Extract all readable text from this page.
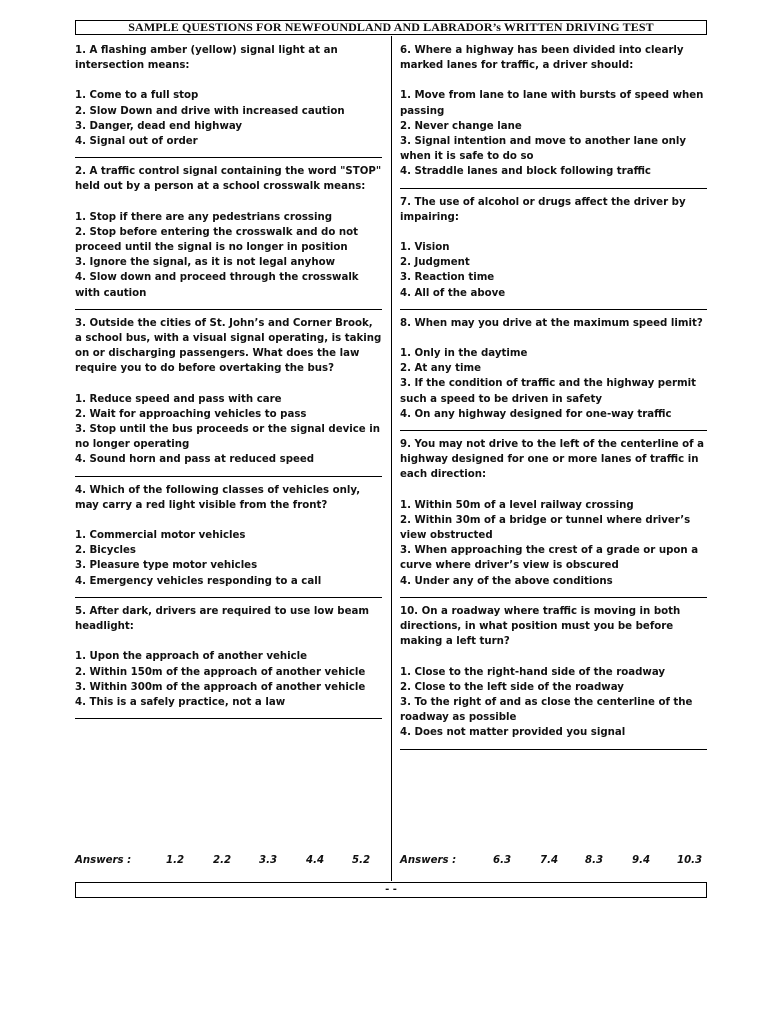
SAMPLE QUESTIONS FOR NEWFOUNDLAND AND LABRADOR’s WRITTEN DRIVING TEST

1. A flashing amber (yellow) signal light at an intersection means:

1. Come to a full stop

2. Slow Down and drive with increased caution

3. Danger, dead end highway

4. Signal out of order

2. A traffic control signal containing the word "STOP" held out by a person at a school crosswalk means:

1. Stop if there are any pedestrians crossing

2. Stop before entering the crosswalk and do not proceed until the signal is no longer in position

3. Ignore the signal, as it is not legal anyhow

4. Slow down and proceed through the crosswalk with caution

3. Outside the cities of St. John’s and Corner Brook, a school bus, with a visual signal operating, is taking on or discharging passengers. What does the law require you to do before overtaking the bus?

1. Reduce speed and pass with care

2. Wait for approaching vehicles to pass

3. Stop until the bus proceeds or the signal device in no longer operating

4. Sound horn and pass at reduced speed

4. Which of the following classes of vehicles only, may carry a red light visible from the front?

1. Commercial motor vehicles

2. Bicycles

3. Pleasure type motor vehicles

4. Emergency vehicles responding to a call

5. After dark, drivers are required to use low beam headlight:

1. Upon the approach of another vehicle

2. Within 150m of the approach of another vehicle

3. Within 300m of the approach of another vehicle

4. This is a safely practice, not a law

6. Where a highway has been divided into clearly marked lanes for traffic, a driver should:

1. Move from lane to lane with bursts of speed when passing

2. Never change lane

3. Signal intention and move to another lane only when it is safe to do so

4. Straddle lanes and block following traffic

7. The use of alcohol or drugs affect the driver by impairing:

1. Vision

2. Judgment

3. Reaction time

4. All of the above

8. When may you drive at the maximum speed limit?

1. Only in the daytime

2. At any time

3. If the condition of traffic and the highway permit such a speed to be driven in safety

4. On any highway designed for one-way traffic

9. You may not drive to the left of the centerline of a highway designed for one or more lanes of traffic in each direction:

1. Within 50m of a level railway crossing

2. Within 30m of a bridge or tunnel where driver’s view obstructed

3. When approaching the crest of a grade or upon a curve where driver’s view is obscured

4. Under any of the above conditions

10. On a roadway where traffic is moving in both directions, in what position must you be before making a left turn?

1. Close to the right-hand side of the roadway

2. Close to the left side of the roadway

3. To the right of and as close the centerline of the roadway as possible

4. Does not matter provided you signal

Answers :	1.2	2.2	3.3	4.4	5.2	Answers :	6.3	7.4	8.3	9.4	10.3
- -
